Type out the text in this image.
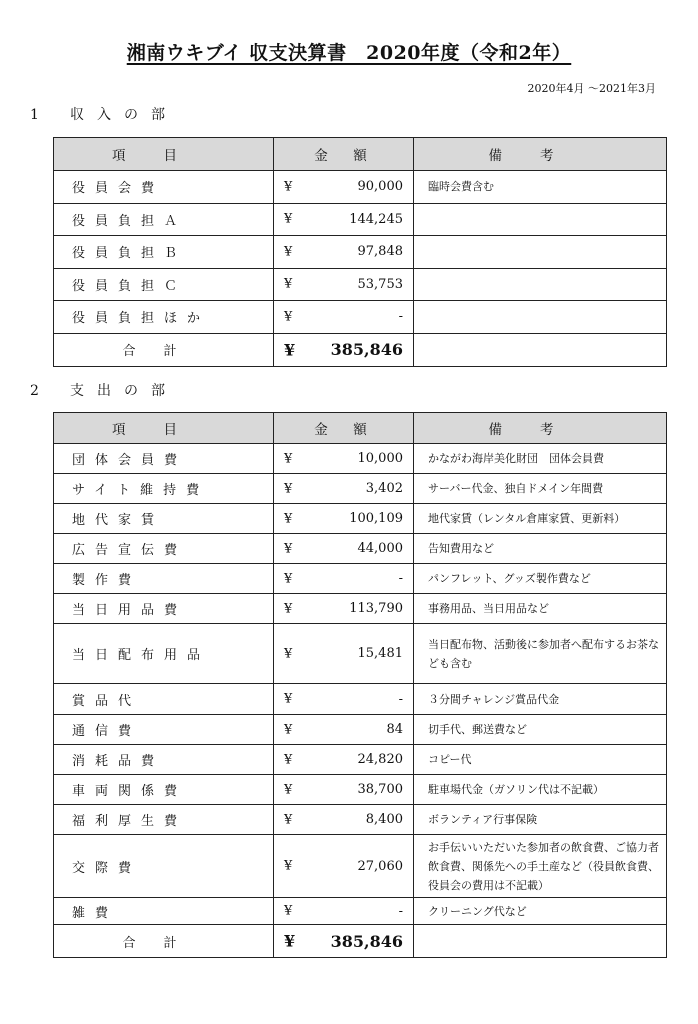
湘南ウキブイ 収支決算書　2020年度（令和2年）
2020年4月 ～2021年3月
1 収入の部
項目	金　額	備考
役員会費	¥ 90,000	臨時会費含む
役員負担Ａ	¥ 144,245	

役員負担Ｂ	¥ 97,848	

役員負担Ｃ	¥ 53,753	

役員負担ほか	¥ -	

合計	¥ 385,846	

2 支出の部
項目	金　額	備考
団体会員費	¥ 10,000	かながわ海岸美化財団　団体会員費
サイト維持費	¥ 3,402	サーバー代金、独自ドメイン年間費
地代家賃	¥ 100,109	地代家賃（レンタル倉庫家賃、更新料）
広告宣伝費	¥ 44,000	告知費用など
製作費	¥ -	パンフレット、グッズ製作費など
当日用品費	¥ 113,790	事務用品、当日用品など
当日配布用品	¥ 15,481	当日配布物、活動後に参加者へ配布するお茶なども含む
賞品代	¥ -	３分間チャレンジ賞品代金
通信費	¥ 84	切手代、郵送費など
消耗品費	¥ 24,820	コピー代
車両関係費	¥ 38,700	駐車場代金（ガソリン代は不記載）
福利厚生費	¥ 8,400	ボランティア行事保険
交際費	¥ 27,060	お手伝いいただいた参加者の飲食費、ご協力者飲食費、関係先への手土産など（役員飲食費、役員会の費用は不記載）
雑費	¥ -	クリーニング代など
合計	¥ 385,846	
